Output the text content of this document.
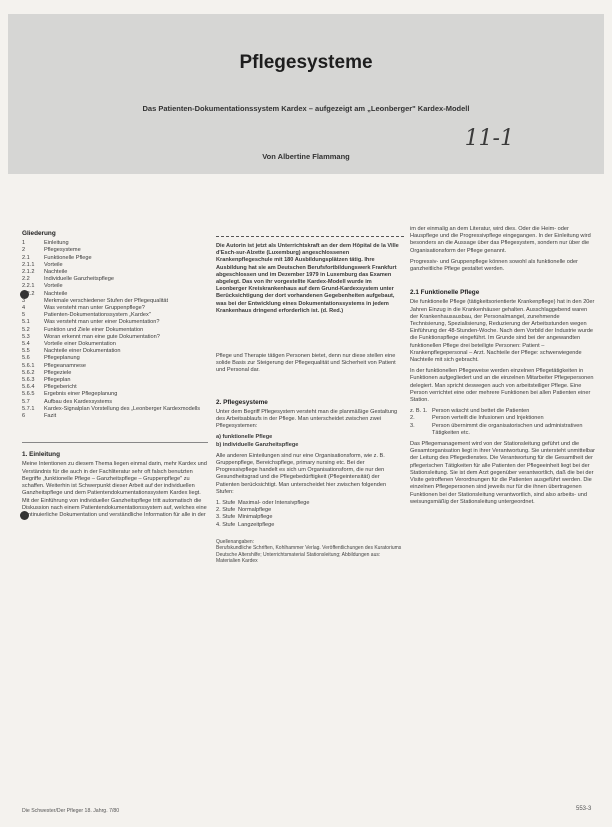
Pflegesysteme
Das Patienten-Dokumentationssystem Kardex – aufgezeigt am „Leonberger" Kardex-Modell
11-1
Von Albertine Flammang
Gliederung
1	Einleitung
2	Pflegesysteme
2.1	Funktionelle Pflege
2.1.1	Vorteile
2.1.2	Nachteile
2.2	Individuelle Ganzheitspflege
2.2.1	Vorteile
2.2.2	Nachteile
3	Merkmale verschiedener Stufen der Pflegequalität
4	Was versteht man unter Gruppenpflege?
5	Patienten-Dokumentationssystem „Kardex"
5.1	Was versteht man unter einer Dokumentation?
5.2	Funktion und Ziele einer Dokumentation
5.3	Woran erkennt man eine gute Dokumentation?
5.4	Vorteile einer Dokumentation
5.5	Nachteile einer Dokumentation
5.6	Pflegeplanung
5.6.1	Pflegeanamnese
5.6.2	Pflegeziele
5.6.3	Pflegeplan
5.6.4	Pflegebericht
5.6.5	Ergebnis einer Pflegeplanung
5.7	Aufbau des Kardexsystems
5.7.1	Kardex-Signalplan Vorstellung des „Leonberger Kardexmodells
6	Fazit
1. Einleitung
Meine Intentionen zu diesem Thema liegen einmal darin, mehr Kardex und Verständnis für die auch in der Fachliteratur sehr oft falsch benutzten Begriffe „funktionelle Pflege – Ganzheitspflege – Gruppenpflege" zu schaffen. Weiterhin ist Schwerpunkt dieser Arbeit auf der individuellen Ganzheitspflege und dem Patientendokumentationssystem Kardex liegt. Mit der Einführung von individueller Ganzheitspflege tritt automatisch die Diskussion nach einem Patientendokumentationssystem auf, welches eine kontinuierliche Dokumentation und verständliche Information für alle in der
Die Autorin ist jetzt als Unterrichtskraft an der dem Hôpital de la Ville d'Esch-sur-Alzette (Luxemburg) angeschlossenen Krankenpflegeschule mit 180 Ausbildungsplätzen tätig. Ihre Ausbildung hat sie am Deutschen Berufsfortbildungswerk Frankfurt abgeschlossen und im Dezember 1979 in Luxemburg das Examen abgelegt. Das von ihr vorgestellte Kardex-Modell wurde im Leonberger Kreiskrankenhaus auf dem Grund-Kardexsystem unter Berücksichtigung der dort vorhandenen Gegebenheiten aufgebaut, was bei der Entwicklung eines Dokumentationssystems in jedem Krankenhaus dringend erforderlich ist. (d. Red.)
Pflege und Therapie tätigen Personen bietet, denn nur diese stellen eine solide Basis zur Steigerung der Pflegequalität und Sicherheit von Patient und Personal dar.
2. Pflegesysteme
Unter dem Begriff Pflegesystem versteht man die planmäßige Gestaltung des Arbeitsablaufs in der Pflege. Man unterscheidet zwischen zwei Pflegesystemen:
a) funktionelle Pflege
b) individuelle Ganzheitspflege
Alle anderen Einteilungen sind nur eine Organisationsform, wie z. B. Gruppenpflege, Bereichspflege, primary nursing etc. Bei der Progressivpflege handelt es sich um Organisationsform, die nur den Gesundheitsgrad und die Pflegebedürftigkeit (Pflegeintensität) der Patienten berücksichtigt. Man unterscheidet hier zwischen folgenden Stufen:
1. Stufe Maximal- oder Intensivpflege
2. Stufe Normalpflege
3. Stufe Minimalpflege
4. Stufe Langzeitpflege
Quellenangaben:
Berufskundliche Schriften, Kohlhammer Verlag. Veröffentlichungen des Kuratoriums Deutsche Altershilfe; Unterrichtsmaterial Stationsleitung; Abbildungen aus: Materialien Kardex
im der einmalig an dem Literatur, wird dies. Oder die Heim- oder Hauspflege und die Progressivpflege eingegangen. In der Einleitung wird besonders an die Aussage über das Pflegesystem, sondern nur über die Organisationsform der Pflege genannt.
Progressiv- und Gruppenpflege können sowohl als funktionelle oder ganzheitliche Pflege gestaltet werden.
2.1 Funktionelle Pflege
Die funktionelle Pflege (tätigkeitsorientierte Krankenpflege) hat in den 20er Jahren Einzug in die Krankenhäuser gehalten. Ausschlaggebend waren der Krankenhausausbau, der Personalmangel, zunehmende Technisierung, Spezialisierung, Reduzierung der Arbeitsstunden wegen Einführung der 48-Stunden-Woche. Nach dem Vorbild der Industrie wurde die Funktionspflege eingeführt. Im Grunde sind bei der angewandten funktionellen Pflege drei beteiligte Personen: Patient – Krankenpflegepersonal – Arzt. Nachteile der Pflege: schwerwiegende Nachteile mit sich gebracht.
In der funktionellen Pflegeweise werden einzelnen Pflegetätigkeiten in Funktionen aufgegliedert und an die einzelnen Mitarbeiter Pflegepersonen delegiert. Man spricht deswegen auch von arbeitsteiliger Pflege. Eine Person verrichtet eine oder mehrere Funktionen bei allen Patienten einer Station.
z. B. 1. Person wäscht und bettet die Patienten
2.	Person verteilt die Infusionen und Injektionen
3.	Person übernimmt die organisatorischen und administrativen Tätigkeiten etc.
Das Pflegemanagement wird von der Stationsleitung geführt und die Gesamtorganisation liegt in ihrer Verantwortung. Sie untersteht unmittelbar der Leitung des Pflegedienstes. Die Verantwortung für die Gesamtheit der pflegerischen Tätigkeiten für alle Patienten der Pflegeeinheit liegt bei der Stationsleitung. Sie ist dem Arzt gegenüber verantwortlich, daß die bei der Visite getroffenen Verordnungen für die Patienten ausgeführt werden. Die einzelnen Pflegepersonen sind jeweils nur für die ihnen übertragenen Funktionen bei der Stationsleitung verantwortlich, sind also arbeits- und weisungsmäßig der Stationsleitung untergeordnet.
Die Schwester/Der Pfleger 18. Jahrg. 7/80	553-3
